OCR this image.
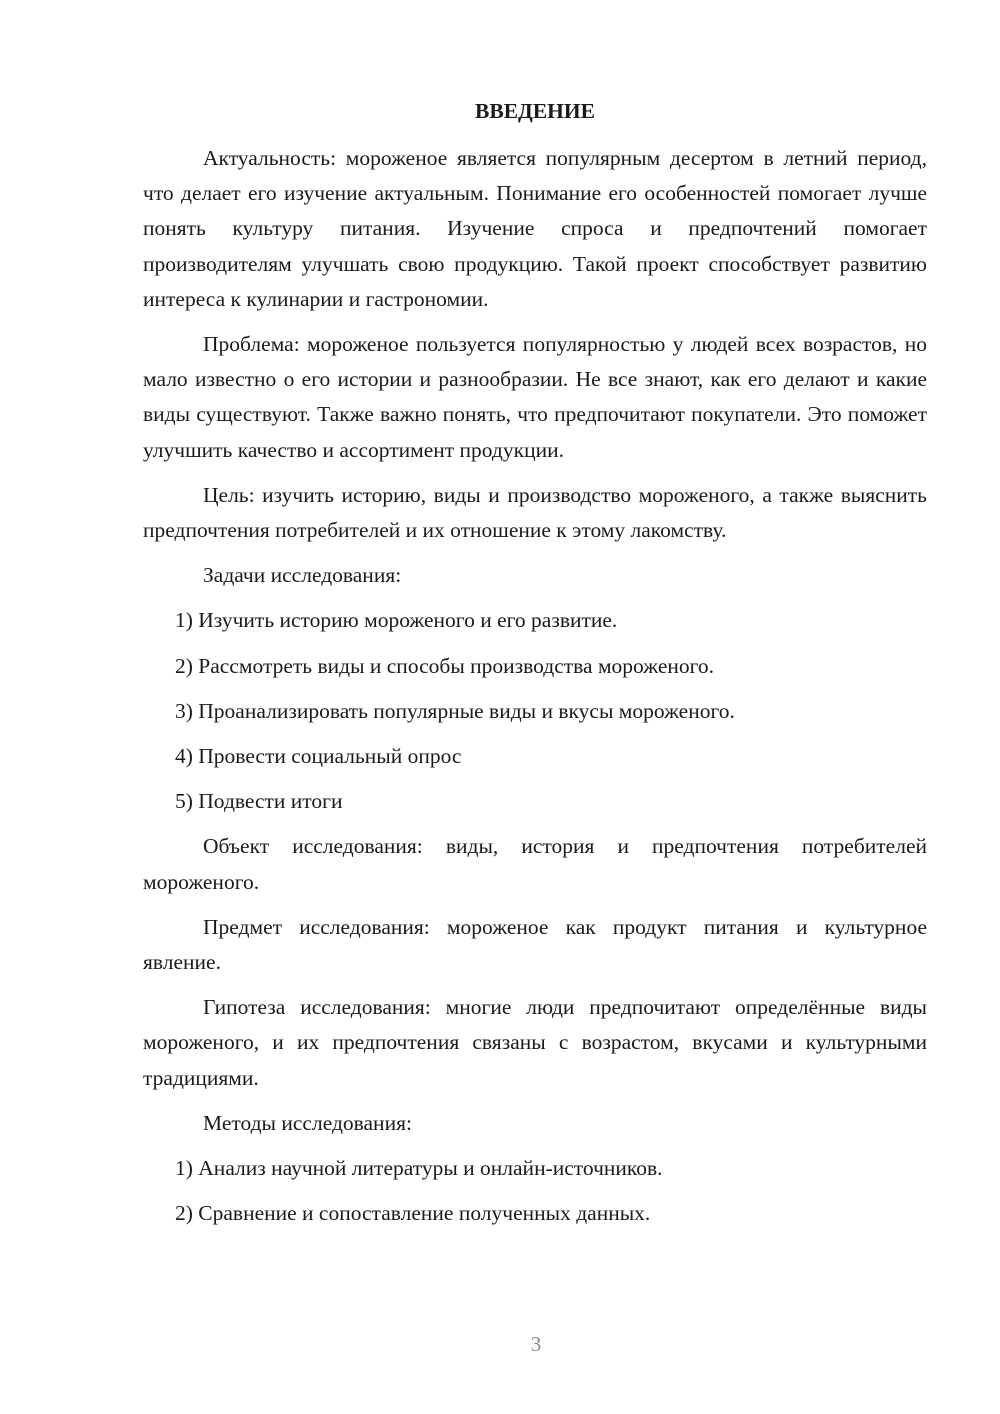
ВВЕДЕНИЕ

Актуальность: мороженое является популярным десертом в летний период, что делает его изучение актуальным. Понимание его особенностей помогает лучше понять культуру питания. Изучение спроса и предпочтений помогает производителям улучшать свою продукцию. Такой проект способствует развитию интереса к кулинарии и гастрономии.

Проблема: мороженое пользуется популярностью у людей всех возрастов, но мало известно о его истории и разнообразии. Не все знают, как его делают и какие виды существуют. Также важно понять, что предпочитают покупатели. Это поможет улучшить качество и ассортимент продукции.

Цель: изучить историю, виды и производство мороженого, а также выяснить предпочтения потребителей и их отношение к этому лакомству.

Задачи исследования:
1) Изучить историю мороженого и его развитие.
2) Рассмотреть виды и способы производства мороженого.
3) Проанализировать популярные виды и вкусы мороженого.
4) Провести социальный опрос
5) Подвести итоги

Объект исследования: виды, история и предпочтения потребителей мороженого.

Предмет исследования: мороженое как продукт питания и культурное явление.

Гипотеза исследования: многие люди предпочитают определённые виды мороженого, и их предпочтения связаны с возрастом, вкусами и культурными традициями.

Методы исследования:
1) Анализ научной литературы и онлайн-источников.
2) Сравнение и сопоставление полученных данных.
3
